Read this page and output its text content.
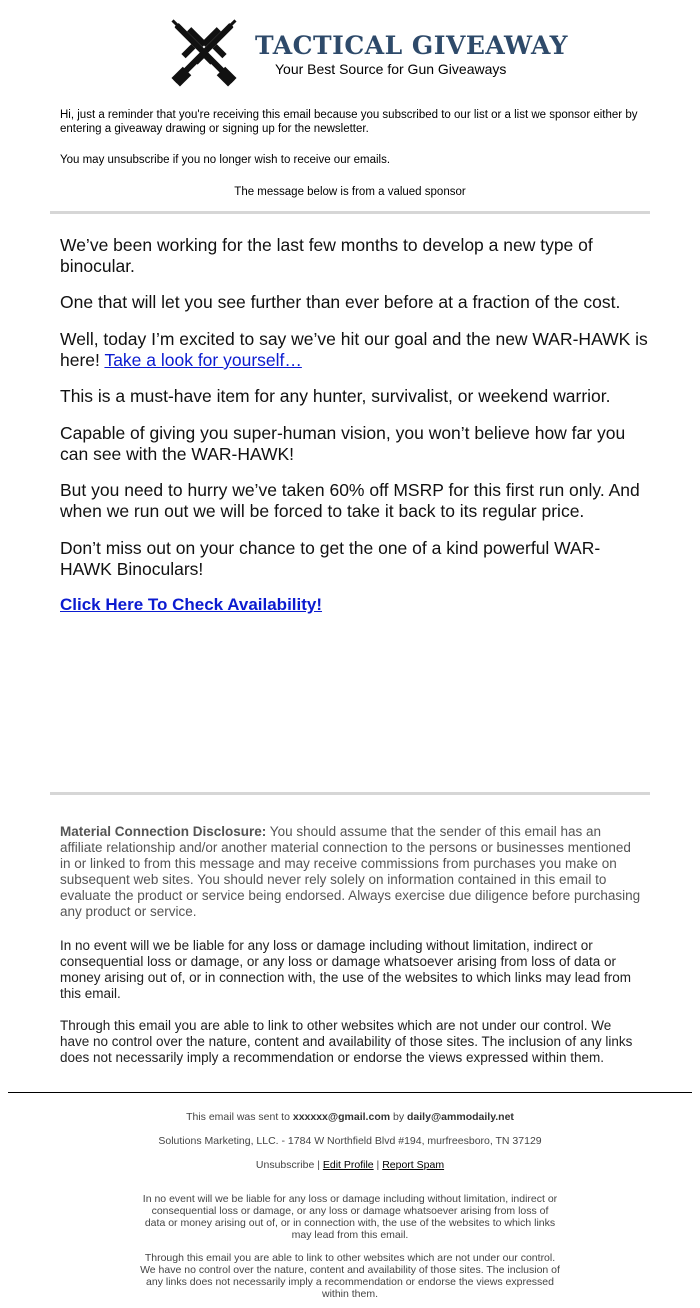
TACTICAL GIVEAWAY
Your Best Source for Gun Giveaways
Hi, just a reminder that you're receiving this email because you subscribed to our list or a list we sponsor either by entering a giveaway drawing or signing up for the newsletter.
You may unsubscribe if you no longer wish to receive our emails.
The message below is from a valued sponsor

We’ve been working for the last few months to develop a new type of binocular.

One that will let you see further than ever before at a fraction of the cost.

Well, today I’m excited to say we’ve hit our goal and the new WAR-HAWK is here! Take a look for yourself…

This is a must-have item for any hunter, survivalist, or weekend warrior.

Capable of giving you super-human vision, you won’t believe how far you can see with the WAR-HAWK!

But you need to hurry we’ve taken 60% off MSRP for this first run only. And when we run out we will be forced to take it back to its regular price.

Don’t miss out on your chance to get the one of a kind powerful WAR-HAWK Binoculars!

Click Here To Check Availability!

Material Connection Disclosure: You should assume that the sender of this email has an affiliate relationship and/or another material connection to the persons or businesses mentioned in or linked to from this message and may receive commissions from purchases you make on subsequent web sites. You should never rely solely on information contained in this email to evaluate the product or service being endorsed. Always exercise due diligence before purchasing any product or service.

In no event will we be liable for any loss or damage including without limitation, indirect or consequential loss or damage, or any loss or damage whatsoever arising from loss of data or money arising out of, or in connection with, the use of the websites to which links may lead from this email.

Through this email you are able to link to other websites which are not under our control. We have no control over the nature, content and availability of those sites. The inclusion of any links does not necessarily imply a recommendation or endorse the views expressed within them.

This email was sent to xxxxxx@gmail.com by daily@ammodaily.net
Solutions Marketing, LLC. - 1784 W Northfield Blvd #194, murfreesboro, TN 37129
Unsubscribe | Edit Profile | Report Spam
In no event will we be liable for any loss or damage including without limitation, indirect or consequential loss or damage, or any loss or damage whatsoever arising from loss of data or money arising out of, or in connection with, the use of the websites to which links may lead from this email.
Through this email you are able to link to other websites which are not under our control. We have no control over the nature, content and availability of those sites. The inclusion of any links does not necessarily imply a recommendation or endorse the views expressed within them.
